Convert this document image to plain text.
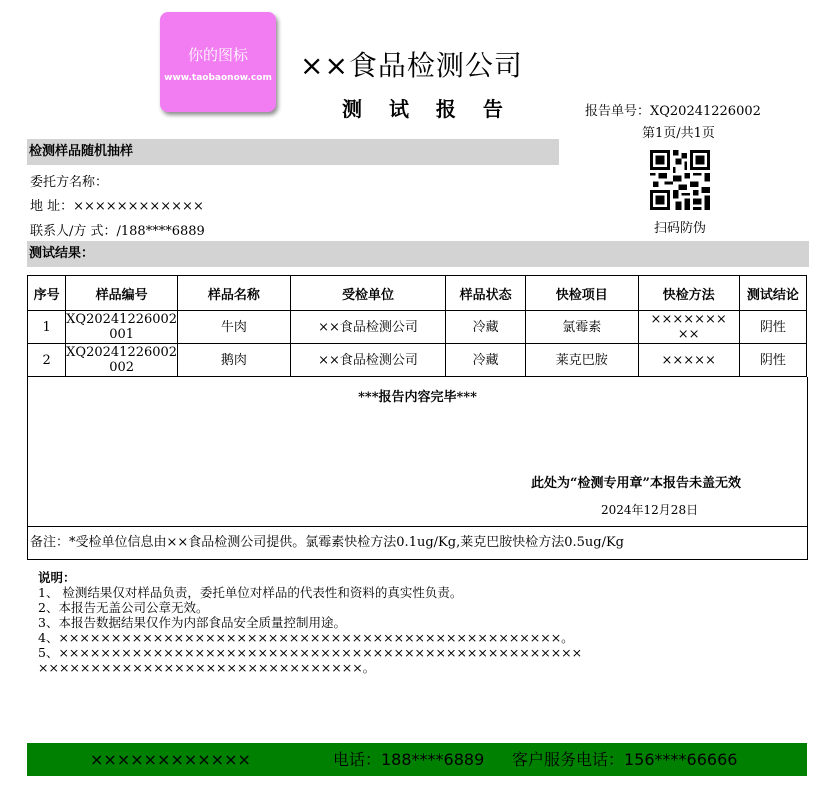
你的图标
www.taobaonow.com ××食品检测公司
测 试 报 告	报告单号：XQ20241226002
第1页/共1页
扫码防伪
检测样品随机抽样
委托方名称：
地 址：××××××××××××
联系人/方 式：/188****6889
测试结果：
序号	样品编号	样品名称	受检单位	样品状态	快检项目	快检方法	测试结论
1	XQ20241226002 001	牛肉	××食品检测公司	冷藏	氯霉素	××××××× ××	阴性
2	XQ20241226002 002	鹅肉	××食品检测公司	冷藏	莱克巴胺	×××××	阴性
***报告内容完毕***
此处为“检测专用章”本报告未盖无效
2024年12月28日
备注：*受检单位信息由××食品检测公司提供。氯霉素快检方法0.1ug/Kg,莱克巴胺快检方法0.5ug/Kg
说明：
1、 检测结果仅对样品负责，委托单位对样品的代表性和资料的真实性负责。
2、本报告无盖公司公章无效。
3、本报告数据结果仅作为内部食品安全质量控制用途。
4、××××××××××××××××××××××××××××××××××××××××××××××××。
5、××××××××××××××××××××××××××××××××××××××××××××××××××
×××××××××××××××××××××××××××××××。
××××××××××××	电话：188****6889 客户服务电话：156****66666
